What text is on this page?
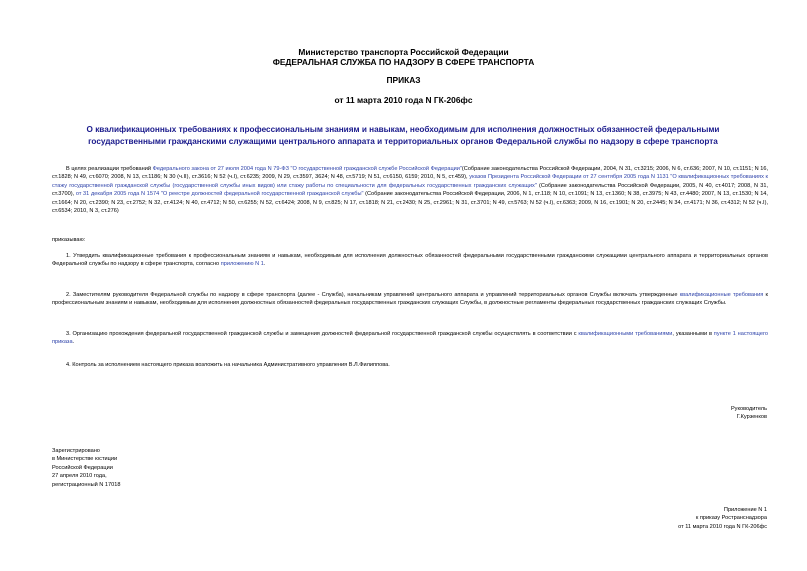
Министерство транспорта Российской Федерации
ФЕДЕРАЛЬНАЯ СЛУЖБА ПО НАДЗОРУ В СФЕРЕ ТРАНСПОРТА
ПРИКАЗ
от 11 марта 2010 года N ГК-206фс
О квалификационных требованиях к профессиональным знаниям и навыкам, необходимым для исполнения должностных обязанностей федеральными государственными гражданскими служащими центрального аппарата и территориальных органов Федеральной службы по надзору в сфере транспорта

В целях реализации требований Федерального закона от 27 июля 2004 года N 79-ФЗ "О государственной гражданской службе Российской Федерации"(Собрание законодательства Российской Федерации, 2004, N 31, ст.3215; 2006, N 6, ст.636; 2007, N 10, ст.1151; N 16, ст.1828; N 49, ст.6070; 2008, N 13, ст.1186; N 30 (ч.II), ст.3616; N 52 (ч.I), ст.6235; 2009, N 29, ст.3597, 3624; N 48, ст.5719; N 51, ст.6150, 6159; 2010, N 5, ст.459), указов Президента Российской Федерации от 27 сентября 2005 года N 1131 "О квалификационных требованиях к стажу государственной гражданской службы (государственной службы иных видов) или стажу работы по специальности для федеральных государственных гражданских служащих" (Собрание законодательства Российской Федерации, 2005, N 40, ст.4017; 2008, N 31, ст.3700), от 31 декабря 2005 года N 1574 "О реестре должностей федеральной государственной гражданской службы" (Собрание законодательства Российской Федерации, 2006, N 1, ст.118; N 10, ст.1091; N 13, ст.1360; N 38, ст.3975; N 43, ст.4480; 2007, N 13, ст.1530; N 14, ст.1664; N 20, ст.2390; N 23, ст.2752; N 32, ст.4124; N 40, ст.4712; N 50, ст.6255; N 52, ст.6424; 2008, N 9, ст.825; N 17, ст.1818; N 21, ст.2430; N 25, ст.2961; N 31, ст.3701; N 49, ст.5763; N 52 (ч.I), ст.6363; 2009, N 16, ст.1901; N 20, ст.2445; N 34, ст.4171; N 36, ст.4312; N 52 (ч.I), ст.6534; 2010, N 3, ст.276)

приказываю:

1. Утвердить квалификационные требования к профессиональным знаниям и навыкам, необходимым для исполнения должностных обязанностей федеральными государственными гражданскими служащими центрального аппарата и территориальных органов Федеральной службы по надзору в сфере транспорта, согласно приложению N 1.

2. Заместителям руководителя Федеральной службы по надзору в сфере транспорта (далее - Служба), начальникам управлений центрального аппарата и управлений территориальных органов Службы включать утвержденные квалификационные требования к профессиональным знаниям и навыкам, необходимым для исполнения должностных обязанностей федеральных государственных гражданских служащих Службы, в должностные регламенты федеральных государственных гражданских служащих Службы.

3. Организацию прохождения федеральной государственной гражданской службы и замещения должностей федеральной государственной гражданской службы осуществлять в соответствии с квалификационными требованиями, указанными в пункте 1 настоящего приказа.

4. Контроль за исполнением настоящего приказа возложить на начальника Административного управления В.Л.Филиппова.

Руководитель
Г.Курзенков
Зарегистрировано
в Министерстве юстиции
Российской Федерации
27 апреля 2010 года,
регистрационный N 17018
Приложение N 1
к приказу Ространснадзора
от 11 марта 2010 года N ГК-206фс
